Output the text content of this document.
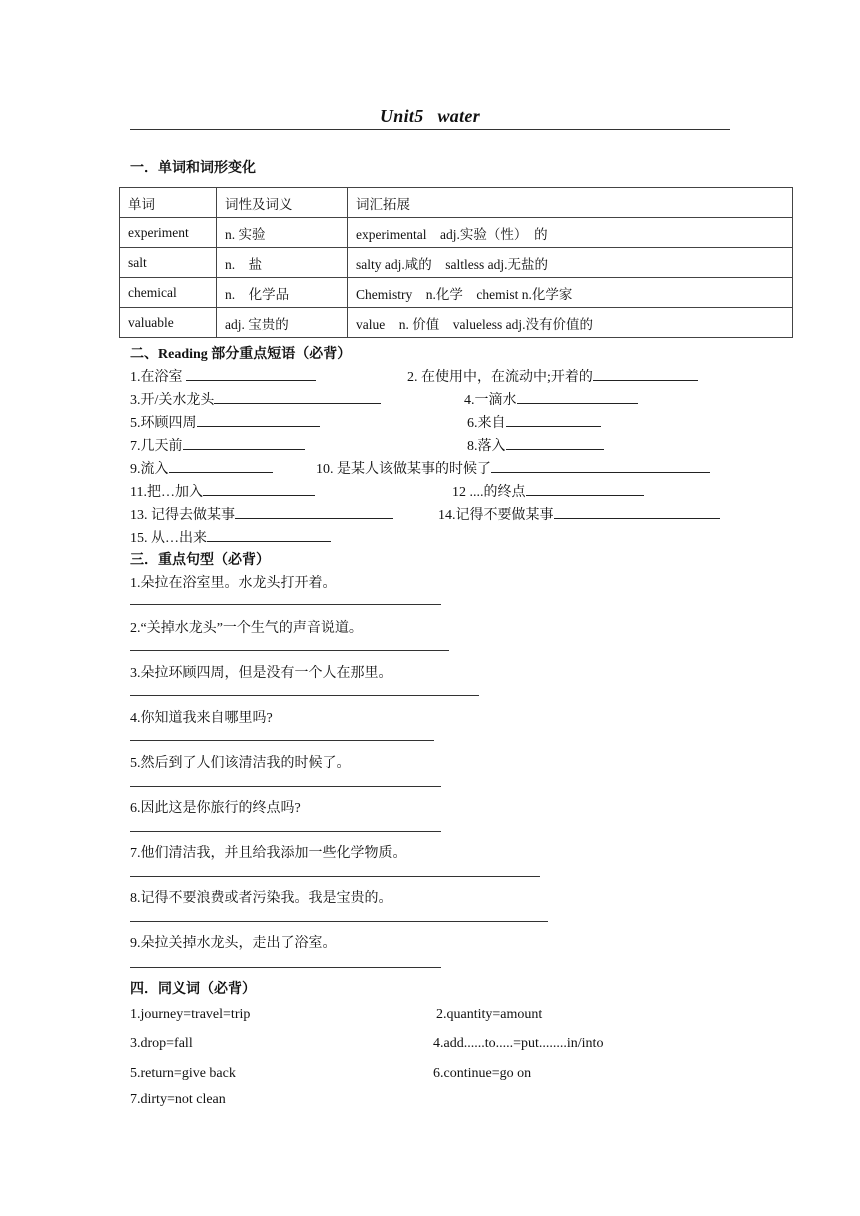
Unit5 water
一．单词和词形变化
单词	词性及词义	词汇拓展
experiment	n. 实验	experimental　adj.实验（性）　的
salt	n.　盐	salty adj.咸的　saltless adj.无盐的
chemical	n.　化学品	Chemistry　n.化学　chemist n.化学家
valuable	adj. 宝贵的	value　n. 价值　valueless adj.没有价值的
二、Reading 部分重点短语（必背）
1.在浴室	2. 在使用中，在流动中;开着的
3.开/关水龙头	4.一滴水
5.环顾四周	6.来自
7.几天前	8.落入
9.流入	10. 是某人该做某事的时候了
11.把…加入	12 ....的终点
13. 记得去做某事	14.记得不要做某事
15. 从…出来
三．重点句型（必背）
1.朵拉在浴室里。水龙头打开着。
2.“关掉水龙头”一个生气的声音说道。
3.朵拉环顾四周，但是没有一个人在那里。
4.你知道我来自哪里吗?
5.然后到了人们该清洁我的时候了。
6.因此这是你旅行的终点吗?
7.他们清洁我，并且给我添加一些化学物质。
8.记得不要浪费或者污染我。我是宝贵的。
9.朵拉关掉水龙头，走出了浴室。
四．同义词（必背）
1.journey=travel=trip	2.quantity=amount
3.drop=fall	4.add......to.....=put........in/into
5.return=give back	6.continue=go on
7.dirty=not clean
